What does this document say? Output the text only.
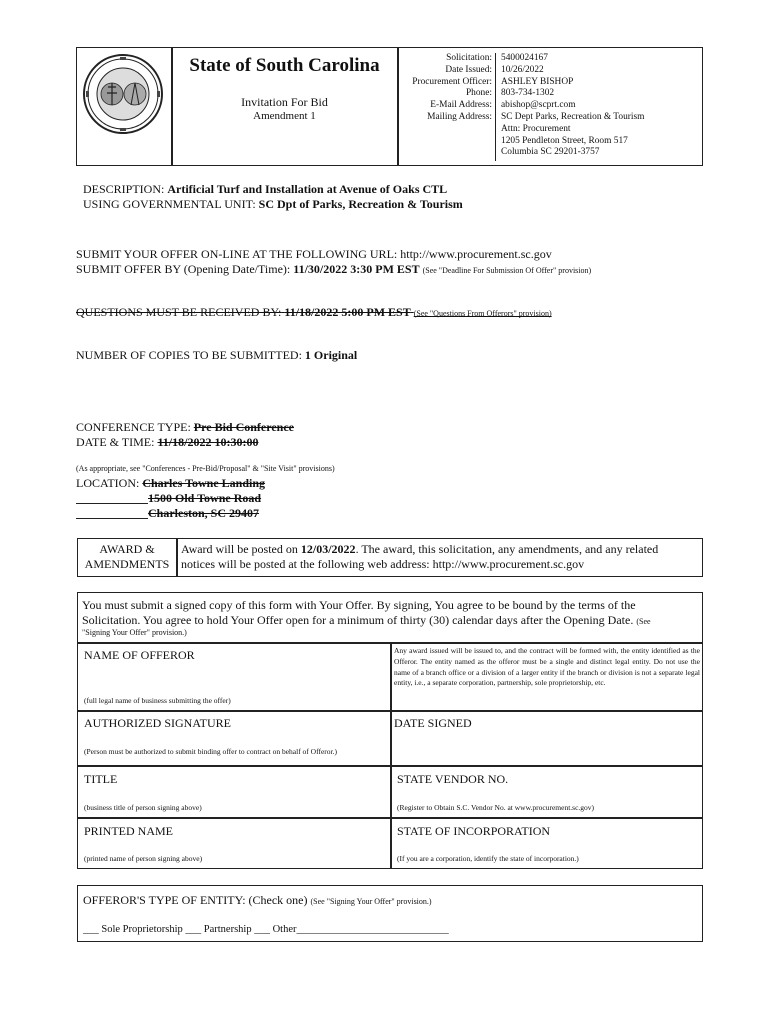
State of South Carolina
Invitation For Bid
Amendment 1
Solicitation:
Date Issued:
Procurement Officer:
Phone:
E-Mail Address:
Mailing Address:
5400024167
10/26/2022
ASHLEY BISHOP
803-734-1302
abishop@scprt.com
SC Dept Parks, Recreation & Tourism
Attn: Procurement
1205 Pendleton Street, Room 517
Columbia SC 29201-3757
DESCRIPTION: Artificial Turf and Installation at Avenue of Oaks CTL
USING GOVERNMENTAL UNIT: SC Dpt of Parks, Recreation & Tourism
SUBMIT YOUR OFFER ON-LINE AT THE FOLLOWING URL: http://www.procurement.sc.gov
SUBMIT OFFER BY (Opening Date/Time): 11/30/2022 3:30 PM EST (See "Deadline For Submission Of Offer" provision)
QUESTIONS MUST BE RECEIVED BY: 11/18/2022 5:00 PM EST (See "Questions From Offerors" provision)
NUMBER OF COPIES TO BE SUBMITTED: 1 Original
CONFERENCE TYPE: Pre Bid Conference
DATE & TIME: 11/18/2022 10:30:00
(As appropriate, see "Conferences - Pre-Bid/Proposal" & "Site Visit" provisions)
LOCATION: Charles Towne Landing
1500 Old Towne Road
Charleston, SC 29407
AWARD &
AMENDMENTS
Award will be posted on 12/03/2022. The award, this solicitation, any amendments, and any related
notices will be posted at the following web address: http://www.procurement.sc.gov
You must submit a signed copy of this form with Your Offer. By signing, You agree to be bound by the terms of the
Solicitation. You agree to hold Your Offer open for a minimum of thirty (30) calendar days after the Opening Date. (See
"Signing Your Offer" provision.)
NAME OF OFFEROR
(full legal name of business submitting the offer)
Any award issued will be issued to, and the contract will be formed with, the entity identified as the Offeror. The entity named as the offeror must be a single and distinct legal entity. Do not use the name of a branch office or a division of a larger entity if the branch or division is not a separate legal entity, i.e., a separate corporation, partnership, sole proprietorship, etc.
AUTHORIZED SIGNATURE
(Person must be authorized to submit binding offer to contract on behalf of Offeror.)
DATE SIGNED
TITLE
(business title of person signing above)
STATE VENDOR NO.
(Register to Obtain S.C. Vendor No. at www.procurement.sc.gov)
PRINTED NAME
(printed name of person signing above)
STATE OF INCORPORATION
(If you are a corporation, identify the state of incorporation.)
OFFEROR'S TYPE OF ENTITY: (Check one) (See "Signing Your Offer" provision.)
___ Sole Proprietorship ___ Partnership ___ Other_____________________________
